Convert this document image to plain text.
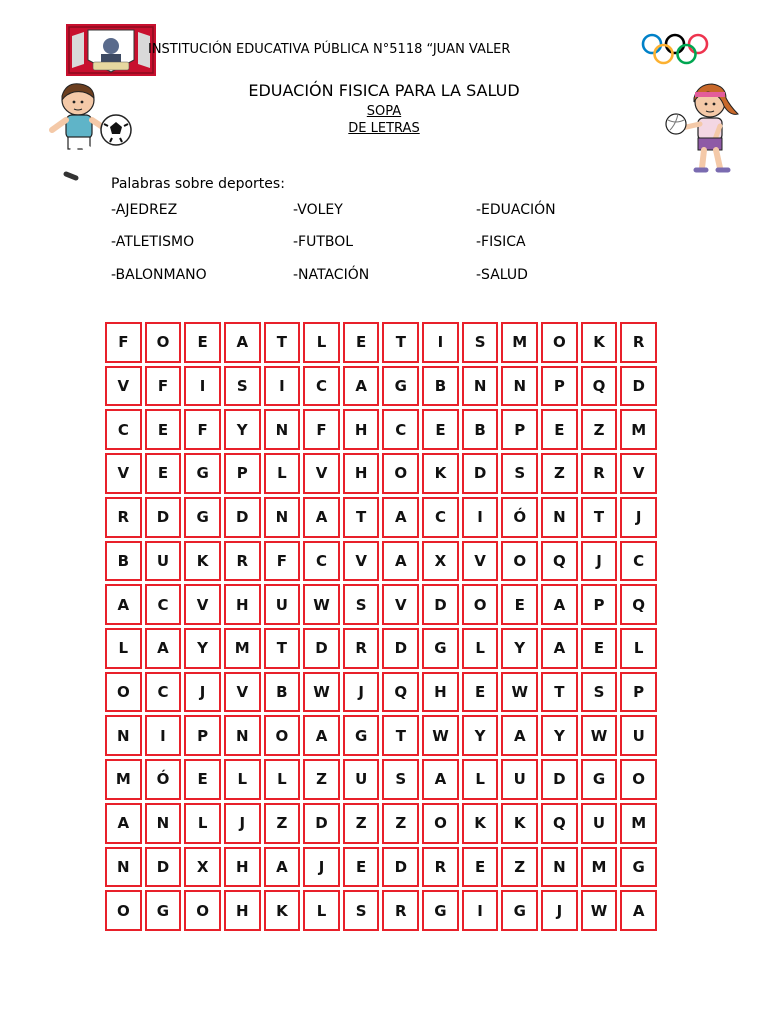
INSTITUCIÓN EDUCATIVA PÚBLICA N°5118 “JUAN VALER
EDUACIÓN FISICA PARA LA SALUD
SOPA
DE LETRAS
Palabras sobre deportes:
-AJEDREZ	-VOLEY	-EDUACIÓN
-ATLETISMO	-FUTBOL	-FISICA
-BALONMANO	-NATACIÓN	-SALUD
F	O	E	A	T	L	E	T	I	S	M	O	K	R
V	F	I	S	I	C	A	G	B	N	N	P	Q	D
C	E	F	Y	N	F	H	C	E	B	P	E	Z	M
V	E	G	P	L	V	H	O	K	D	S	Z	R	V
R	D	G	D	N	A	T	A	C	I	Ó	N	T	J
B	U	K	R	F	C	V	A	X	V	O	Q	J	C
A	C	V	H	U	W	S	V	D	O	E	A	P	Q
L	A	Y	M	T	D	R	D	G	L	Y	A	E	L
O	C	J	V	B	W	J	Q	H	E	W	T	S	P
N	I	P	N	O	A	G	T	W	Y	A	Y	W	U
M	Ó	E	L	L	Z	U	S	A	L	U	D	G	O
A	N	L	J	Z	D	Z	Z	O	K	K	Q	U	M
N	D	X	H	A	J	E	D	R	E	Z	N	M	G
O	G	O	H	K	L	S	R	G	I	G	J	W	A
